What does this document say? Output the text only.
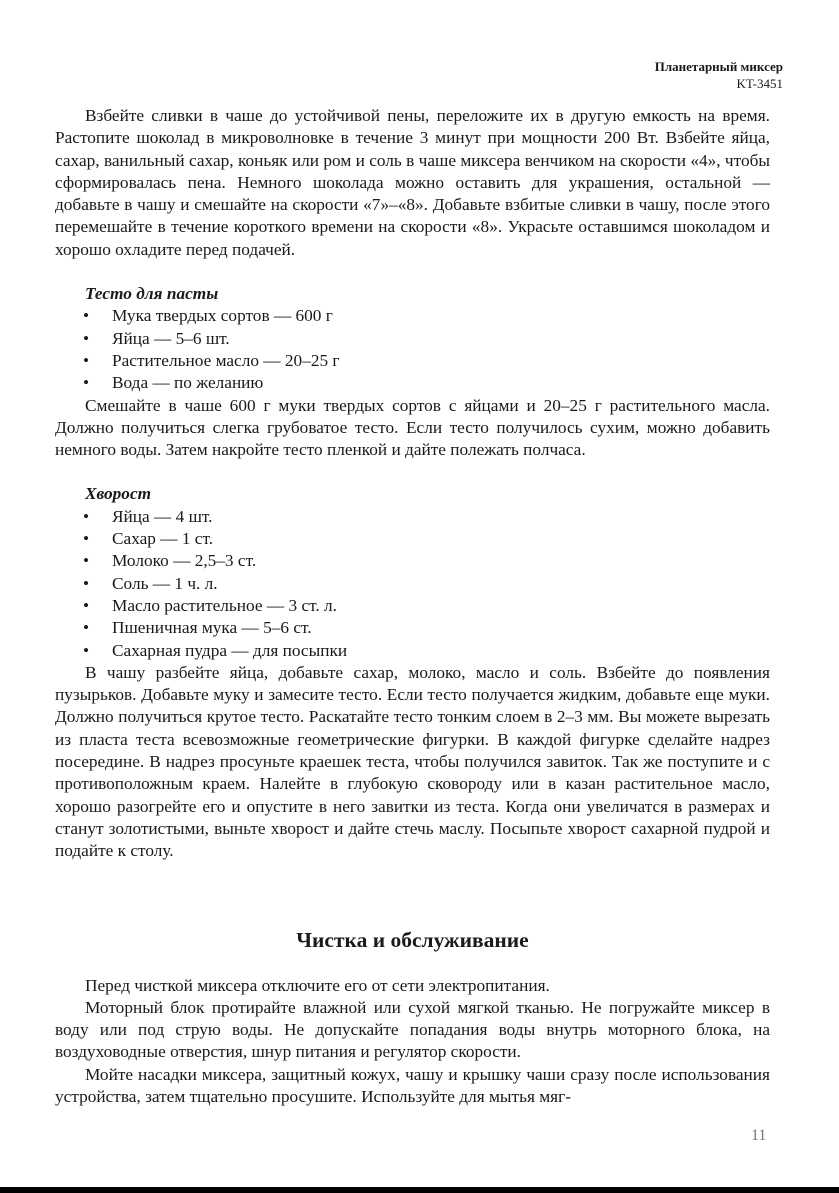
Планетарный миксер
KT-3451

Взбейте сливки в чаше до устойчивой пены, переложите их в другую емкость на время. Растопите шоколад в микроволновке в течение 3 минут при мощности 200 Вт. Взбейте яйца, сахар, ванильный сахар, коньяк или ром и соль в чаше миксера венчиком на скорости «4», чтобы сформировалась пена. Немного шоколада можно оставить для украшения, остальной — добавьте в чашу и смешайте на скорости «7»–«8». Добавьте взбитые сливки в чашу, после этого перемешайте в течение короткого времени на скорости «8». Украсьте оставшимся шоколадом и хорошо охладите перед подачей.

Тесто для пасты
• Мука твердых сортов — 600 г
• Яйца — 5–6 шт.
• Растительное масло — 20–25 г
• Вода — по желанию

Смешайте в чаше 600 г муки твердых сортов с яйцами и 20–25 г растительного масла. Должно получиться слегка грубоватое тесто. Если тесто получилось сухим, можно добавить немного воды. Затем накройте тесто пленкой и дайте полежать полчаса.

Хворост
• Яйца — 4 шт.
• Сахар — 1 ст.
• Молоко — 2,5–3 ст.
• Соль — 1 ч. л.
• Масло растительное — 3 ст. л.
• Пшеничная мука — 5–6 ст.
• Сахарная пудра — для посыпки

В чашу разбейте яйца, добавьте сахар, молоко, масло и соль. Взбейте до появления пузырьков. Добавьте муку и замесите тесто. Если тесто получается жидким, добавьте еще муки. Должно получиться крутое тесто. Раскатайте тесто тонким слоем в 2–3 мм. Вы можете вырезать из пласта теста всевозможные геометрические фигурки. В каждой фигурке сделайте надрез посередине. В надрез просуньте краешек теста, чтобы получился завиток. Так же поступите и с противоположным краем. Налейте в глубокую сковороду или в казан растительное масло, хорошо разогрейте его и опустите в него завитки из теста. Когда они увеличатся в размерах и станут золотистыми, выньте хворост и дайте стечь маслу. Посыпьте хворост сахарной пудрой и подайте к столу.

Чистка и обслуживание

Перед чисткой миксера отключите его от сети электропитания.

Моторный блок протирайте влажной или сухой мягкой тканью. Не погружайте миксер в воду или под струю воды. Не допускайте попадания воды внутрь моторного блока, на воздуховодные отверстия, шнур питания и регулятор скорости.

Мойте насадки миксера, защитный кожух, чашу и крышку чаши сразу после использования устройства, затем тщательно просушите. Используйте для мытья мяг-

11
